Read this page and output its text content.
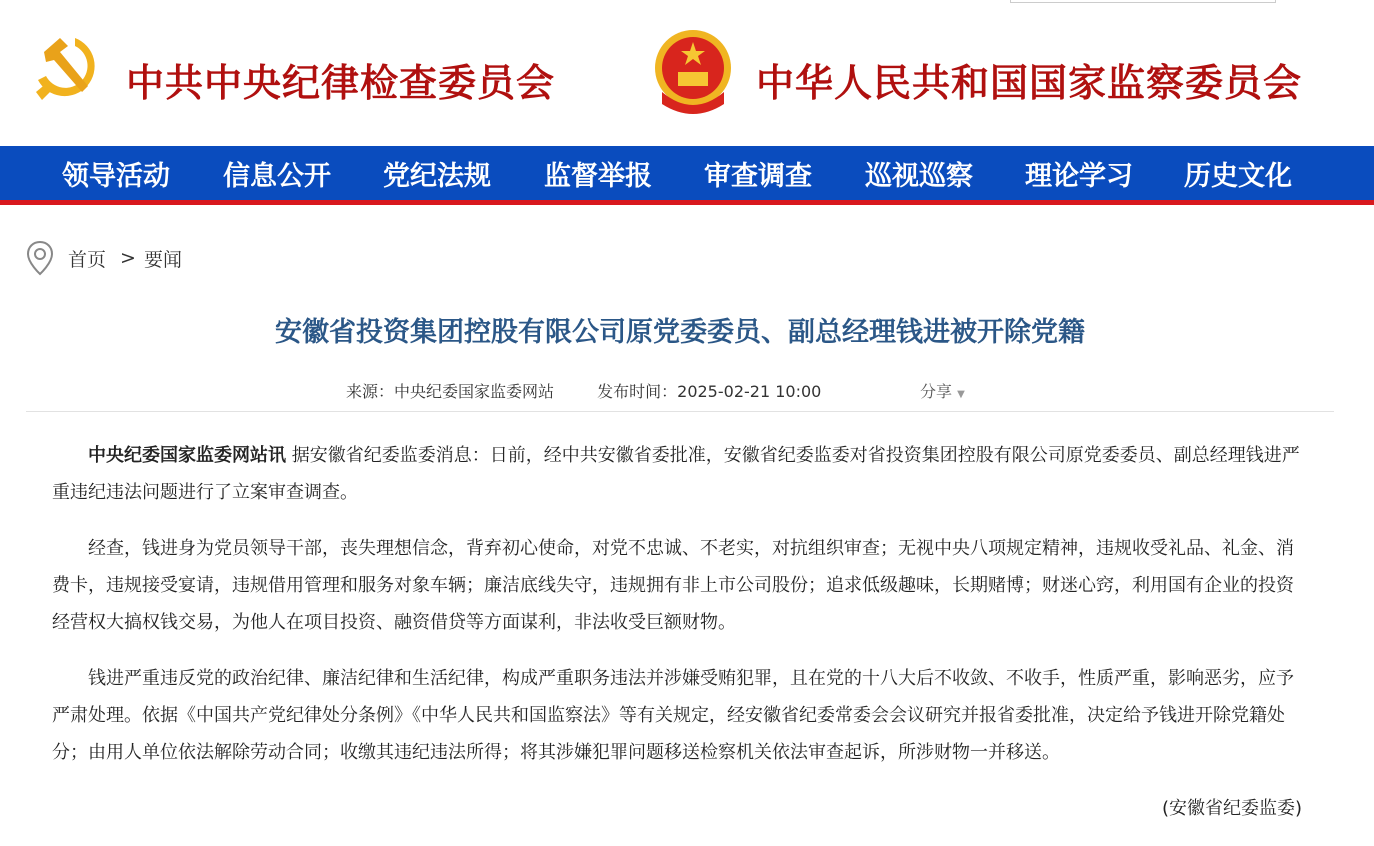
中共中央纪律检查委员会	中华人民共和国国家监察委员会
领导活动 信息公开 党纪法规 监督举报 审查调查 巡视巡察 理论学习 历史文化
首页 > 要闻
安徽省投资集团控股有限公司原党委委员、副总经理钱进被开除党籍
来源：中央纪委国家监委网站	发布时间：2025-02-21 10:00	分享 ▼

中央纪委国家监委网站讯 据安徽省纪委监委消息：日前，经中共安徽省委批准，安徽省纪委监委对省投资集团控股有限公司原党委委员、副总经理钱进严重违纪违法问题进行了立案审查调查。

经查，钱进身为党员领导干部，丧失理想信念，背弃初心使命，对党不忠诚、不老实，对抗组织审查；无视中央八项规定精神，违规收受礼品、礼金、消费卡，违规接受宴请，违规借用管理和服务对象车辆；廉洁底线失守，违规拥有非上市公司股份；追求低级趣味，长期赌博；财迷心窍，利用国有企业的投资经营权大搞权钱交易，为他人在项目投资、融资借贷等方面谋利，非法收受巨额财物。

钱进严重违反党的政治纪律、廉洁纪律和生活纪律，构成严重职务违法并涉嫌受贿犯罪，且在党的十八大后不收敛、不收手，性质严重，影响恶劣，应予严肃处理。依据《中国共产党纪律处分条例》《中华人民共和国监察法》等有关规定，经安徽省纪委常委会会议研究并报省委批准，决定给予钱进开除党籍处分；由用人单位依法解除劳动合同；收缴其违纪违法所得；将其涉嫌犯罪问题移送检察机关依法审查起诉，所涉财物一并移送。

(安徽省纪委监委)
